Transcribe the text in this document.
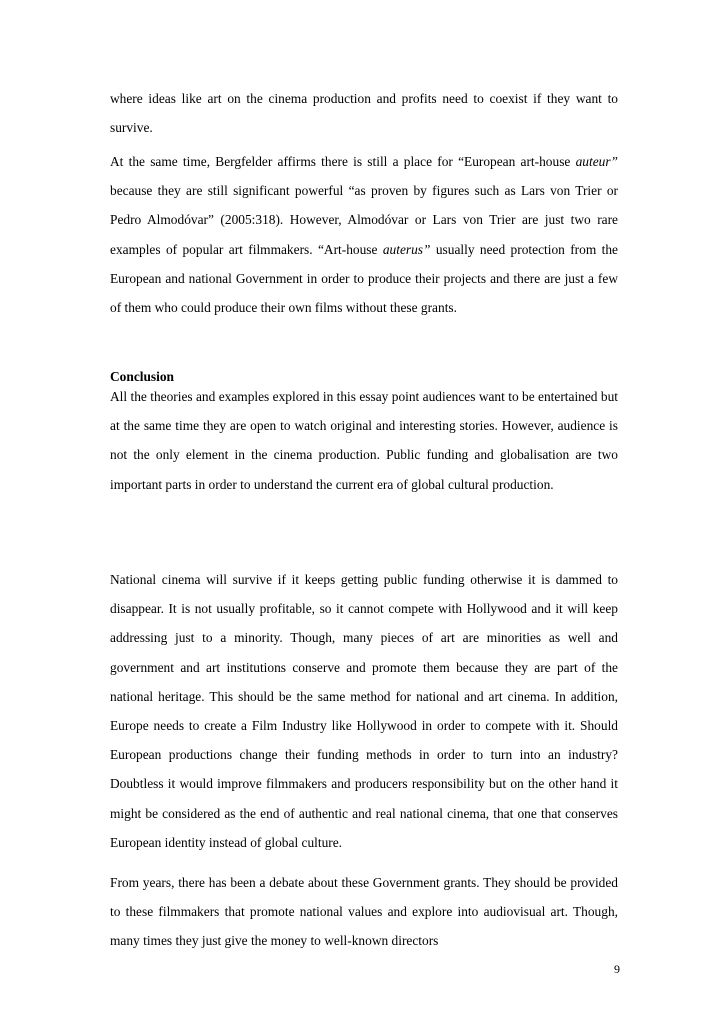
where ideas like art on the cinema production and profits need to coexist if they want to survive.

At the same time, Bergfelder affirms there is still a place for “European art-house auteur” because they are still significant powerful “as proven by figures such as Lars von Trier or Pedro Almodóvar” (2005:318). However, Almodóvar or Lars von Trier are just two rare examples of popular art filmmakers. “Art-house auterus” usually need protection from the European and national Government in order to produce their projects and there are just a few of them who could produce their own films without these grants.

Conclusion

All the theories and examples explored in this essay point audiences want to be entertained but at the same time they are open to watch original and interesting stories. However, audience is not the only element in the cinema production. Public funding and globalisation are two important parts in order to understand the current era of global cultural production.

National cinema will survive if it keeps getting public funding otherwise it is dammed to disappear. It is not usually profitable, so it cannot compete with Hollywood and it will keep addressing just to a minority. Though, many pieces of art are minorities as well and government and art institutions conserve and promote them because they are part of the national heritage. This should be the same method for national and art cinema. In addition, Europe needs to create a Film Industry like Hollywood in order to compete with it. Should European productions change their funding methods in order to turn into an industry? Doubtless it would improve filmmakers and producers responsibility but on the other hand it might be considered as the end of authentic and real national cinema, that one that conserves European identity instead of global culture.

From years, there has been a debate about these Government grants. They should be provided to these filmmakers that promote national values and explore into audiovisual art. Though, many times they just give the money to well-known directors

9
